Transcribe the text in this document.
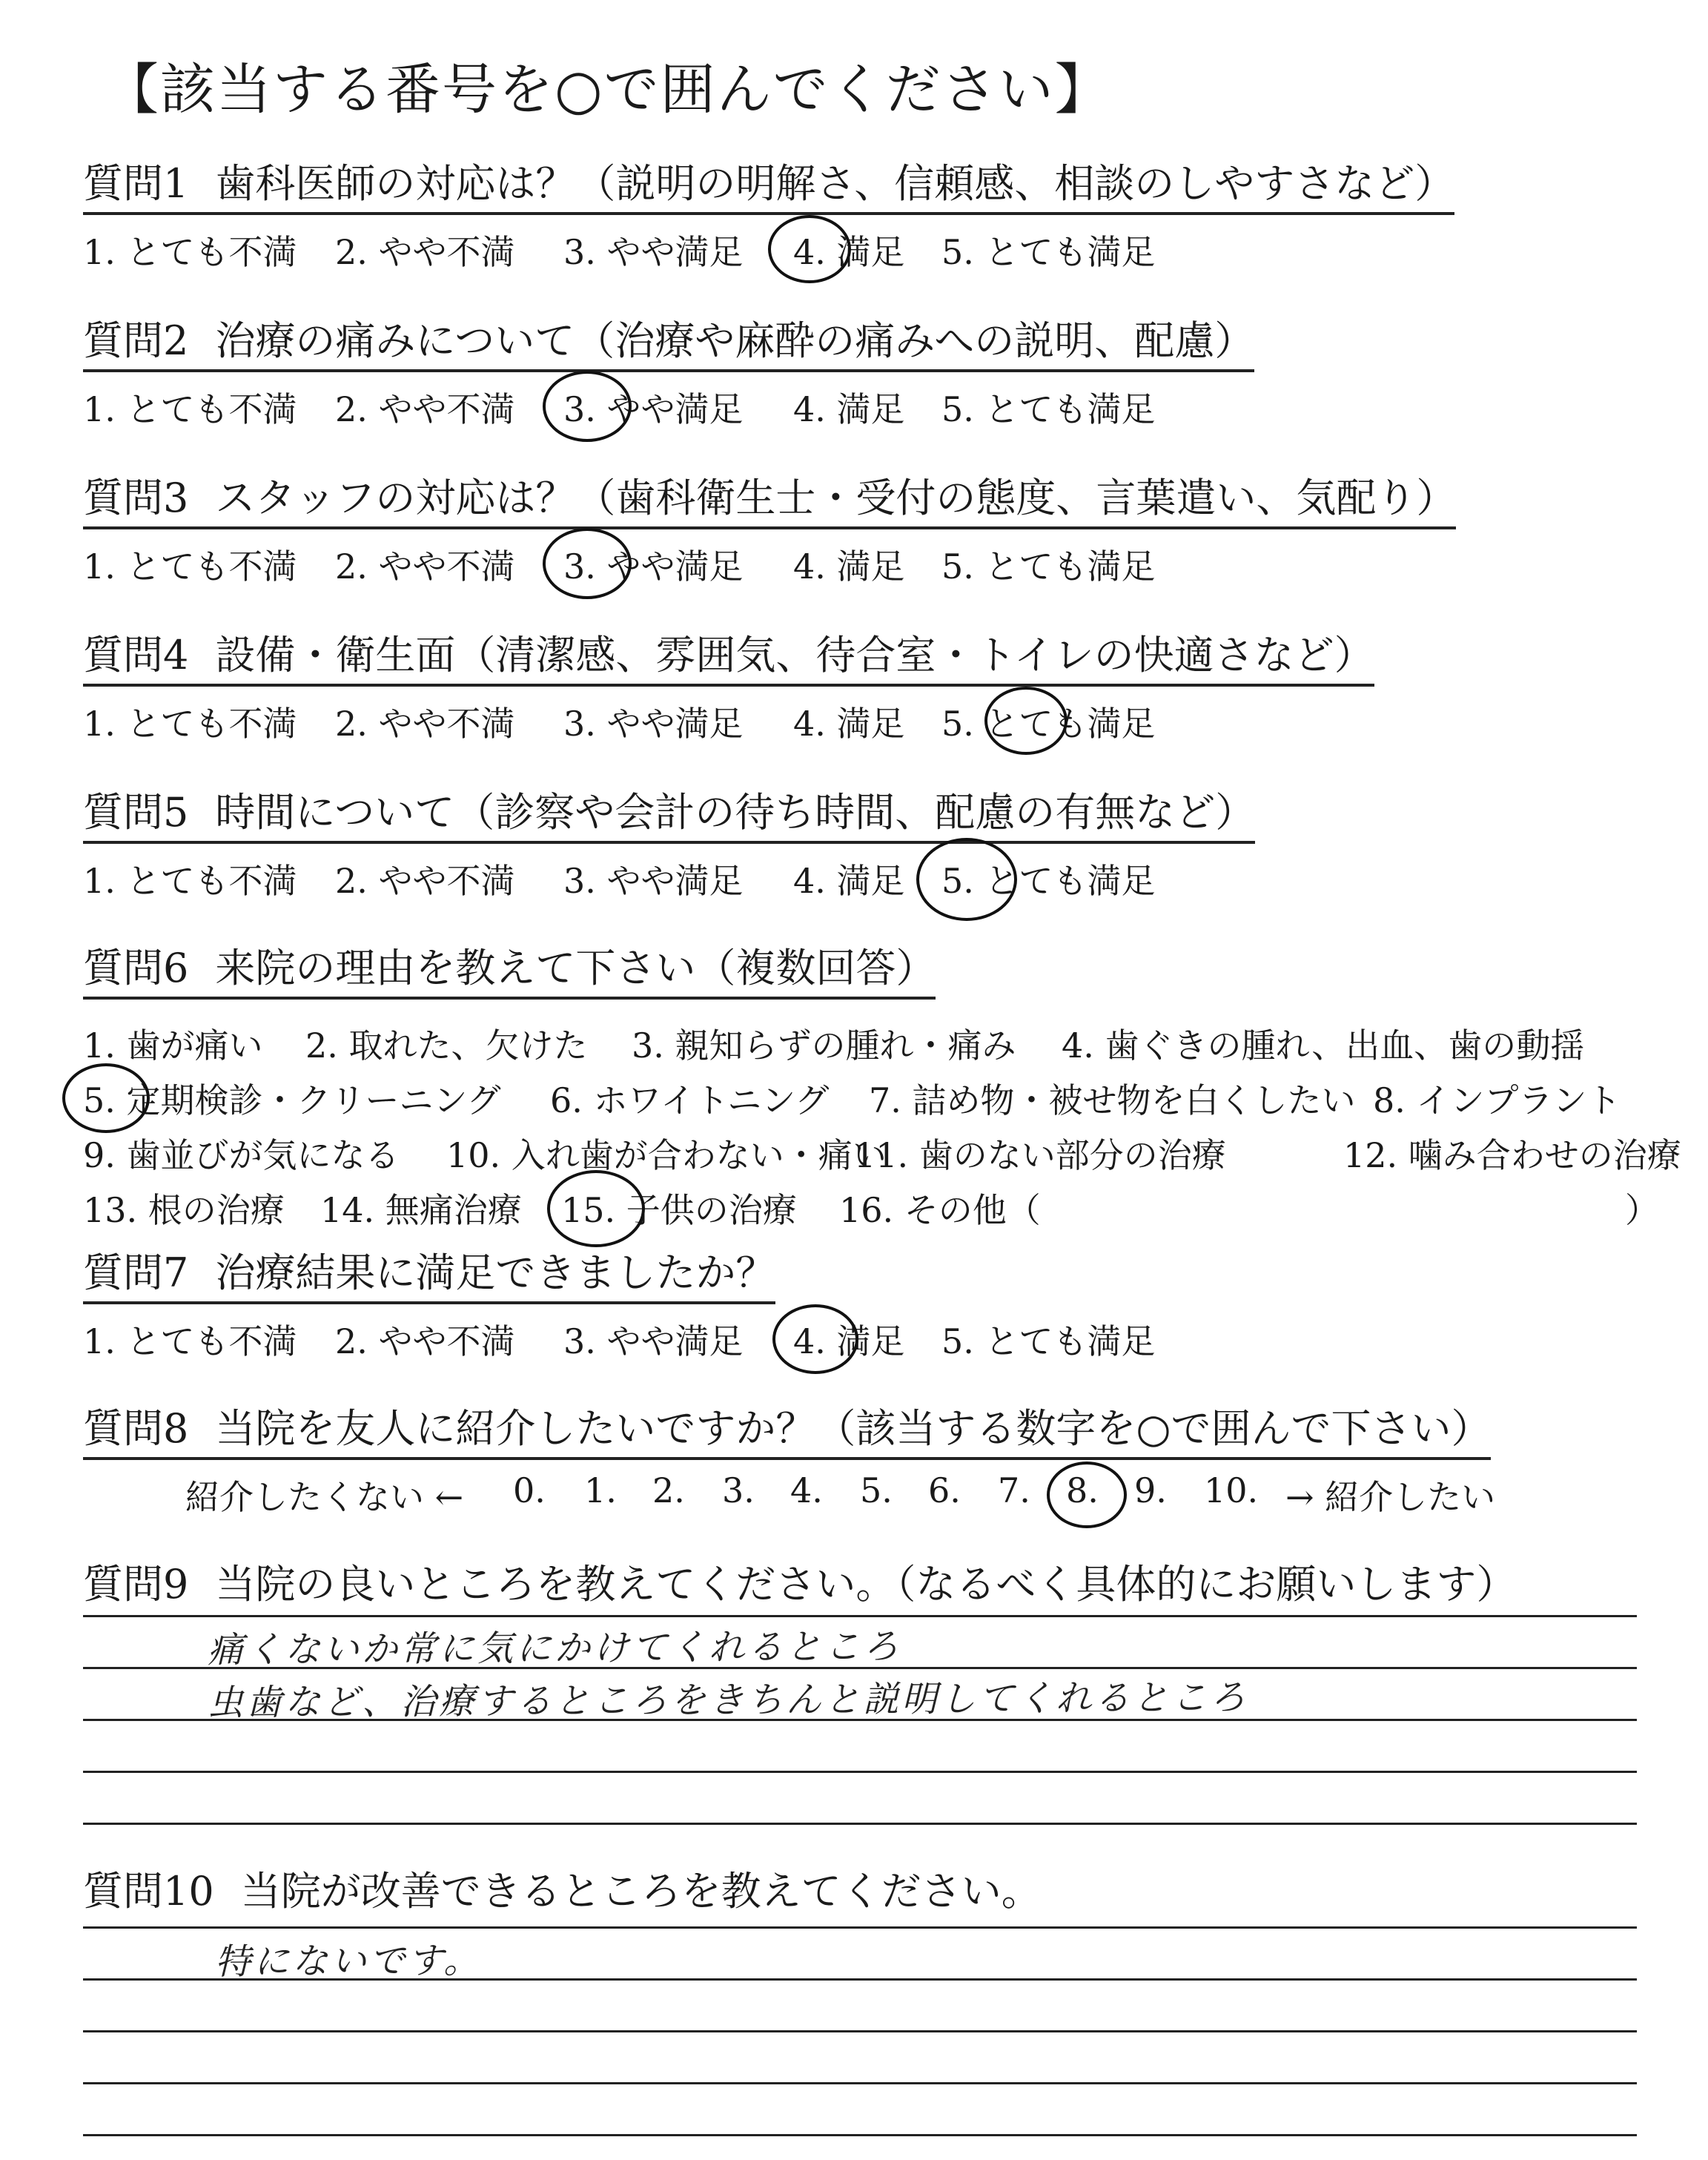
【該当する番号を○で囲んでください】
質問1 歯科医師の対応は？（説明の明解さ、信頼感、相談のしやすさなど）
1. とても不満 2. やや不満 3. やや満足 4. 満足 5. とても満足
質問2 治療の痛みについて（治療や麻酔の痛みへの説明、配慮）
1. とても不満 2. やや不満 3. やや満足 4. 満足 5. とても満足
質問3 スタッフの対応は？（歯科衛生士・受付の態度、言葉遣い、気配り）
1. とても不満 2. やや不満 3. やや満足 4. 満足 5. とても満足
質問4 設備・衛生面（清潔感、雰囲気、待合室・トイレの快適さなど）
1. とても不満 2. やや不満 3. やや満足 4. 満足 5. とても満足
質問5 時間について（診察や会計の待ち時間、配慮の有無など）
1. とても不満 2. やや不満 3. やや満足 4. 満足 5. とても満足
質問6 来院の理由を教えて下さい（複数回答）
1. 歯が痛い 2. 取れた、欠けた 3. 親知らずの腫れ・痛み 4. 歯ぐきの腫れ、出血、歯の動揺
5. 定期検診・クリーニング 6. ホワイトニング 7. 詰め物・被せ物を白くしたい 8. インプラント
9. 歯並びが気になる 10. 入れ歯が合わない・痛い
11. 歯のない部分の治療	12. 噛み合わせの治療
13. 根の治療 14. 無痛治療 15. 子供の治療 16. その他（	）
質問7 治療結果に満足できましたか？
1. とても不満 2. やや不満 3. やや満足 4. 満足 5. とても満足
質問8 当院を友人に紹介したいですか？（該当する数字を○で囲んで下さい）
紹介したくない ← 0. 1. 2. 3. 4. 5. 6. 7. 8. 9. 10. → 紹介したい
質問9 当院の良いところを教えてください。（なるべく具体的にお願いします）
痛くないか常に気にかけてくれるところ
虫歯など、治療するところをきちんと説明してくれるところ
質問10 当院が改善できるところを教えてください。
特にないです。
